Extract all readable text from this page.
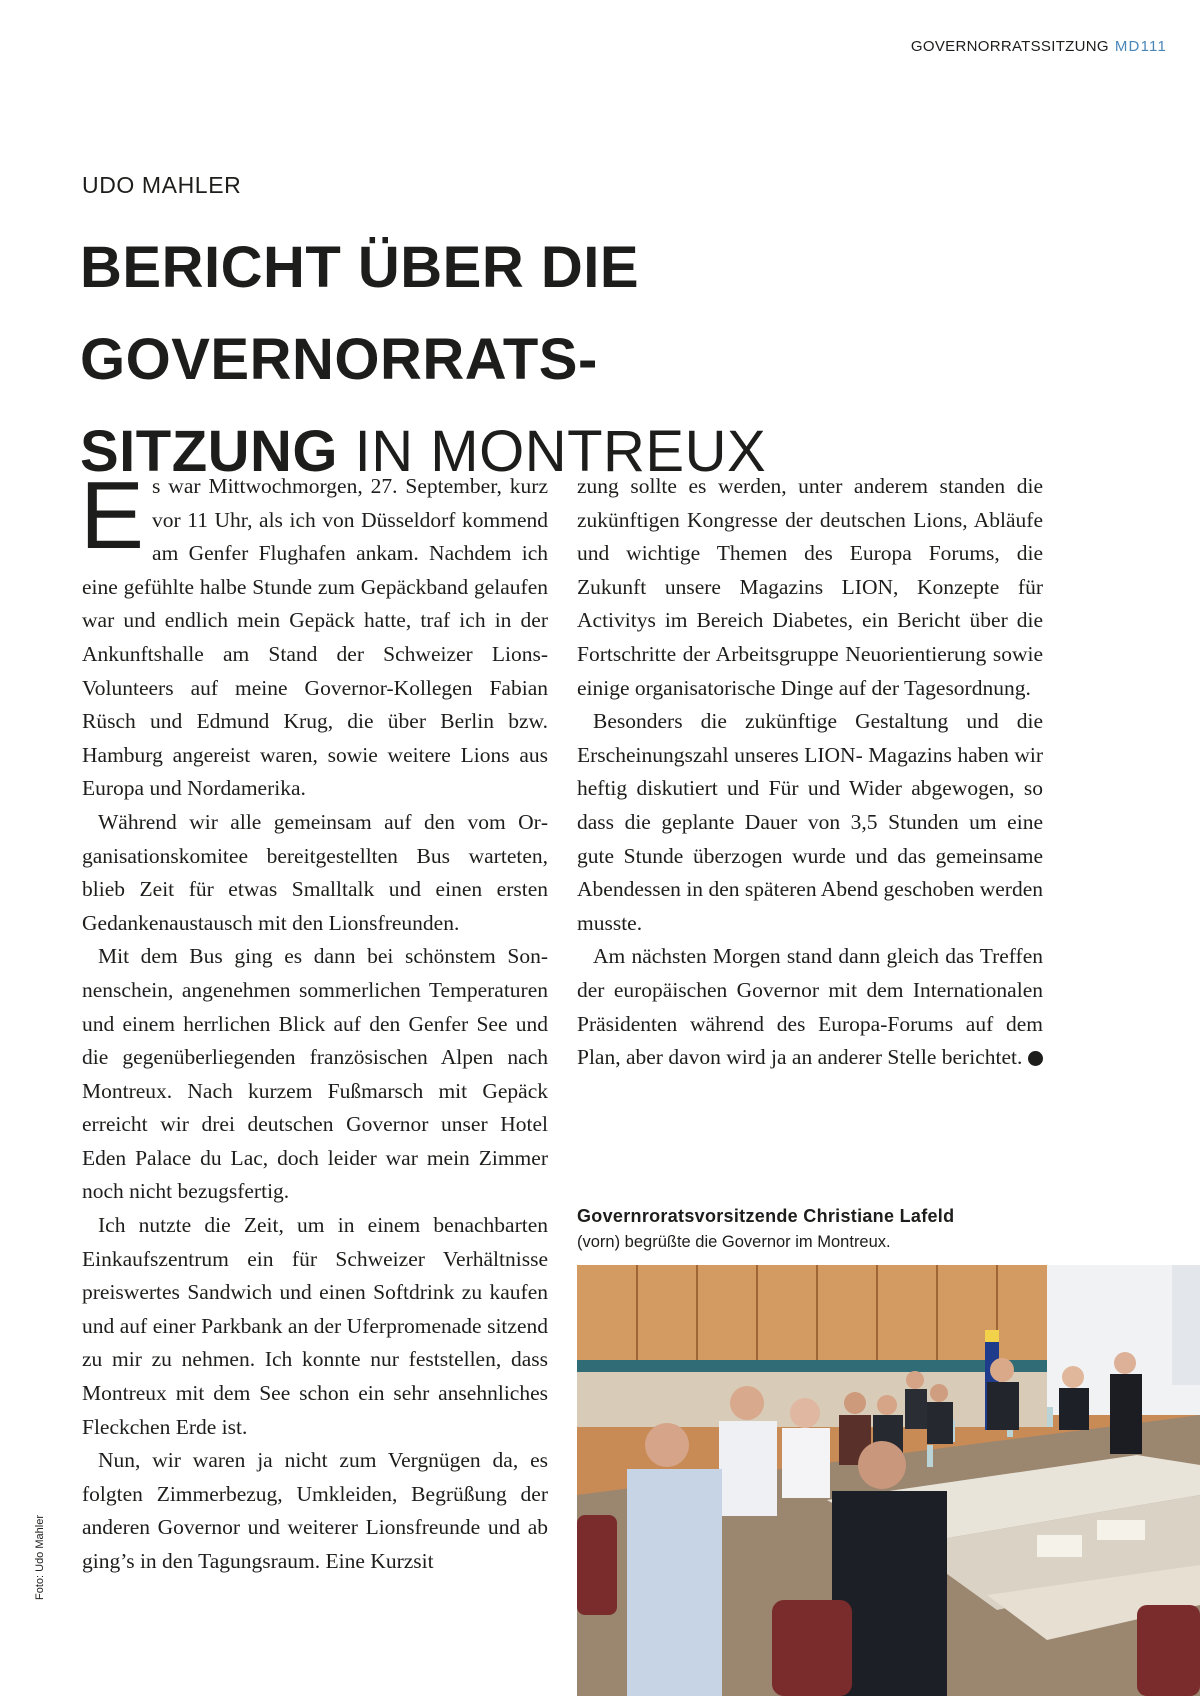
GOVERNORRATSSITZUNG MD111
UDO MAHLER
BERICHT ÜBER DIE GOVERNORRATS-
SITZUNG IN MONTREUX

Es war Mittwochmorgen, 27. September, kurz vor 11 Uhr, als ich von Düsseldorf kommend am Genfer Flughafen ankam. Nachdem ich eine gefühlte halbe Stunde zum Gepäckband gelaufen war und endlich mein Gepäck hatte, traf ich in der Ankunftshalle am Stand der Schweizer Lions-Volunteers auf meine Governor-Kollegen Fabian Rüsch und Edmund Krug, die über Berlin bzw. Hamburg angereist waren, sowie weitere Lions aus Europa und Nordamerika.

Während wir alle gemeinsam auf den vom Organisationskomitee bereitgestellten Bus warteten, blieb Zeit für etwas Smalltalk und einen ersten Gedankenaustausch mit den Lionsfreunden.

Mit dem Bus ging es dann bei schönstem Sonnenschein, angenehmen sommerlichen Temperaturen und einem herrlichen Blick auf den Genfer See und die gegenüberliegenden französischen Alpen nach Montreux. Nach kurzem Fußmarsch mit Gepäck erreicht wir drei deutschen Governor unser Hotel Eden Palace du Lac, doch leider war mein Zimmer noch nicht bezugsfertig.

Ich nutzte die Zeit, um in einem benachbarten Einkaufszentrum ein für Schweizer Verhältnisse preiswertes Sandwich und einen Softdrink zu kaufen und auf einer Parkbank an der Uferpromenade sitzend zu mir zu nehmen. Ich konnte nur feststellen, dass Montreux mit dem See schon ein sehr ansehnliches Fleckchen Erde ist.

Nun, wir waren ja nicht zum Vergnügen da, es folgten Zimmerbezug, Umkleiden, Begrüßung der anderen Governor und weiterer Lionsfreunde und ab ging’s in den Tagungsraum. Eine Kurzsit

zung sollte es werden, unter anderem standen die zukünftigen Kongresse der deutschen Lions, Abläufe und wichtige Themen des Europa Forums, die Zukunft unsere Magazins LION, Konzepte für Activitys im Bereich Diabetes, ein Bericht über die Fortschritte der Arbeitsgruppe Neuorientierung sowie einige organisatorische Dinge auf der Tagesordnung.

Besonders die zukünftige Gestaltung und die Erscheinungszahl unseres LION- Magazins haben wir heftig diskutiert und Für und Wider abgewogen, so dass die geplante Dauer von 3,5 Stunden um eine gute Stunde überzogen wurde und das gemeinsame Abendessen in den späteren Abend geschoben werden musste.

Am nächsten Morgen stand dann gleich das Treffen der europäischen Governor mit dem Internationalen Präsidenten während des Europa-Forums auf dem Plan, aber davon wird ja an anderer Stelle berichtet.	L

Governroratsvorsitzende Christiane Lafeld
(vorn) begrüßte die Governor im Montreux.
Foto: Udo Mahler
